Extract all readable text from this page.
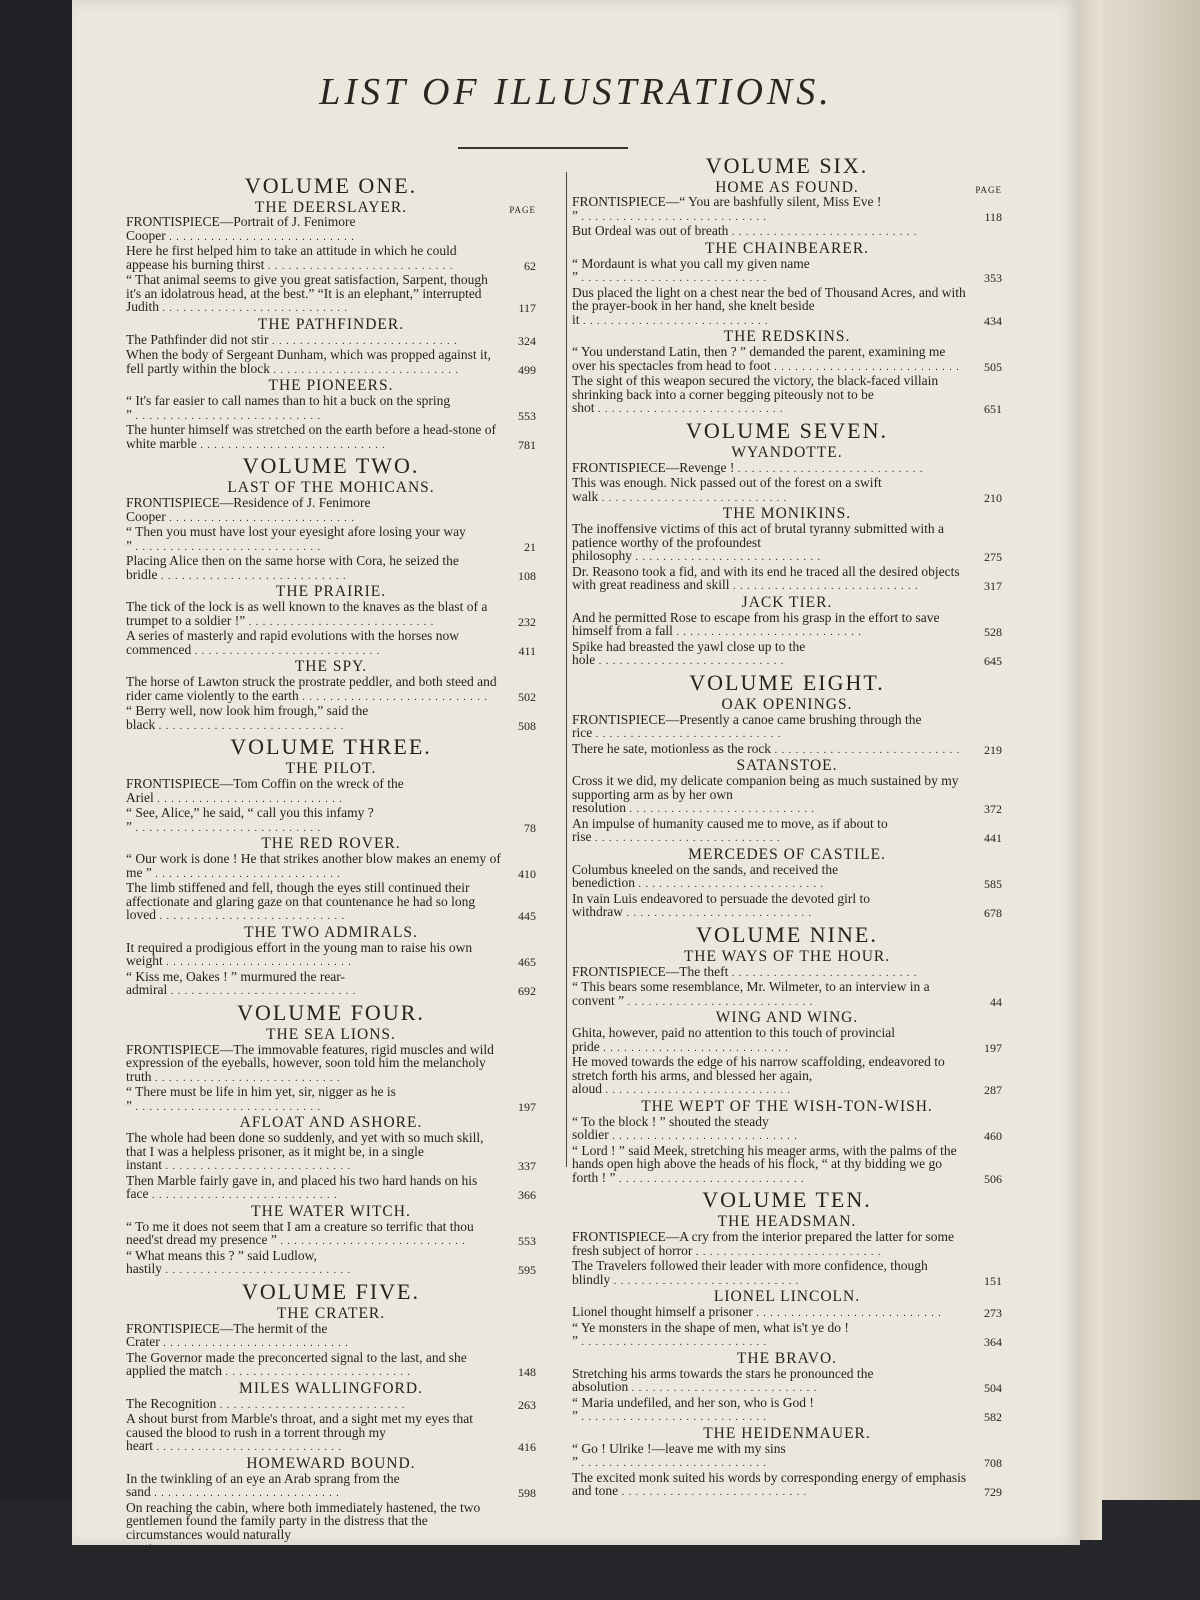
LIST OF ILLUSTRATIONS.
VOLUME ONE.
THE DEERSLAYER.	PAGE
FRONTISPIECE—Portrait of J. Fenimore Cooper . . .
Here he first helped him to take an attitude in which he could appease his burning thirst . . .	62
“ That animal seems to give you great satisfaction, Sarpent, though it's an idolatrous head, at the best.” “It is an elephant,” interrupted Judith . . .	117
THE PATHFINDER.
The Pathfinder did not stir . . .	324
When the body of Sergeant Dunham, which was propped against it, fell partly within the block . . .	499
THE PIONEERS.
“ It's far easier to call names than to hit a buck on the spring ” . . .	553
The hunter himself was stretched on the earth before a head-stone of white marble . . .	781
VOLUME TWO.
LAST OF THE MOHICANS.
FRONTISPIECE—Residence of J. Fenimore Cooper . . .
“ Then you must have lost your eyesight afore losing your way ” . . .	21
Placing Alice then on the same horse with Cora, he seized the bridle . . .	108
THE PRAIRIE.
The tick of the lock is as well known to the knaves as the blast of a trumpet to a soldier !” . . .	232
A series of masterly and rapid evolutions with the horses now commenced . . .	411
THE SPY.
The horse of Lawton struck the prostrate peddler, and both steed and rider came violently to the earth . . .	502
“ Berry well, now look him frough,” said the black . . .	508
VOLUME THREE.
THE PILOT.
FRONTISPIECE—Tom Coffin on the wreck of the Ariel . . .
“ See, Alice,” he said, “ call you this infamy ? ” . . .	78
THE RED ROVER.
“ Our work is done ! He that strikes another blow makes an enemy of me ” . . .	410
The limb stiffened and fell, though the eyes still continued their affectionate and glaring gaze on that countenance he had so long loved . . .	445
THE TWO ADMIRALS.
It required a prodigious effort in the young man to raise his own weight . . .	465
“ Kiss me, Oakes ! ” murmured the rear-admiral . . .	692
VOLUME FOUR.
THE SEA LIONS.
FRONTISPIECE—The immovable features, rigid muscles and wild expression of the eyeballs, however, soon told him the melancholy truth . . .
“ There must be life in him yet, sir, nigger as he is ” . . .	197
AFLOAT AND ASHORE.
The whole had been done so suddenly, and yet with so much skill, that I was a helpless prisoner, as it might be, in a single instant . . .	337
Then Marble fairly gave in, and placed his two hard hands on his face . . .	366
THE WATER WITCH.
“ To me it does not seem that I am a creature so terrific that thou need'st dread my presence ” . . .	553
“ What means this ? ” said Ludlow, hastily . . .	595
VOLUME FIVE.
THE CRATER.
FRONTISPIECE—The hermit of the Crater . . .
The Governor made the preconcerted signal to the last, and she applied the match . . .	148
MILES WALLINGFORD.
The Recognition . . .	263
A shout burst from Marble's throat, and a sight met my eyes that caused the blood to rush in a torrent through my heart . . .	416
HOMEWARD BOUND.
In the twinkling of an eye an Arab sprang from the sand . . .	598
On reaching the cabin, where both immediately hastened, the two gentlemen found the family party in the distress that the circumstances would naturally create . . .	630
VOLUME SIX.
HOME AS FOUND.	PAGE
FRONTISPIECE—“ You are bashfully silent, Miss Eve ! ” . . .	118
But Ordeal was out of breath . . .
THE CHAINBEARER.
“ Mordaunt is what you call my given name ” . . .	353
Dus placed the light on a chest near the bed of Thousand Acres, and with the prayer-book in her hand, she knelt beside it . . .	434
THE REDSKINS.
“ You understand Latin, then ? ” demanded the parent, examining me over his spectacles from head to foot . . .	505
The sight of this weapon secured the victory, the black-faced villain shrinking back into a corner begging piteously not to be shot . . .	651
VOLUME SEVEN.
WYANDOTTE.
FRONTISPIECE—Revenge ! . . .
This was enough. Nick passed out of the forest on a swift walk . . .	210
THE MONIKINS.
The inoffensive victims of this act of brutal tyranny submitted with a patience worthy of the profoundest philosophy . . .	275
Dr. Reasono took a fid, and with its end he traced all the desired objects with great readiness and skill . . .	317
JACK TIER.
And he permitted Rose to escape from his grasp in the effort to save himself from a fall . . .	528
Spike had breasted the yawl close up to the hole . . .	645
VOLUME EIGHT.
OAK OPENINGS.
FRONTISPIECE—Presently a canoe came brushing through the rice . . .
There he sate, motionless as the rock . . .	219
SATANSTOE.
Cross it we did, my delicate companion being as much sustained by my supporting arm as by her own resolution . . .	372
An impulse of humanity caused me to move, as if about to rise . . .	441
MERCEDES OF CASTILE.
Columbus kneeled on the sands, and received the benediction . . .	585
In vain Luis endeavored to persuade the devoted girl to withdraw . . .	678
VOLUME NINE.
THE WAYS OF THE HOUR.
FRONTISPIECE—The theft . . .
“ This bears some resemblance, Mr. Wilmeter, to an interview in a convent ” . . .	44
WING AND WING.
Ghita, however, paid no attention to this touch of provincial pride . . .	197
He moved towards the edge of his narrow scaffolding, endeavored to stretch forth his arms, and blessed her again, aloud . . .	287
THE WEPT OF THE WISH-TON-WISH.
“ To the block ! ” shouted the steady soldier . . .	460
“ Lord ! ” said Meek, stretching his meager arms, with the palms of the hands open high above the heads of his flock, “ at thy bidding we go forth ! ” . . .	506
VOLUME TEN.
THE HEADSMAN.
FRONTISPIECE—A cry from the interior prepared the latter for some fresh subject of horror . . .
The Travelers followed their leader with more confidence, though blindly . . .	151
LIONEL LINCOLN.
Lionel thought himself a prisoner . . .	273
“ Ye monsters in the shape of men, what is't ye do ! ” . . .	364
THE BRAVO.
Stretching his arms towards the stars he pronounced the absolution . . .	504
“ Maria undefiled, and her son, who is God ! ” . . .	582
THE HEIDENMAUER.
“ Go ! Ulrike !—leave me with my sins ” . . .	708
The excited monk suited his words by corresponding energy of emphasis and tone . . .	729
